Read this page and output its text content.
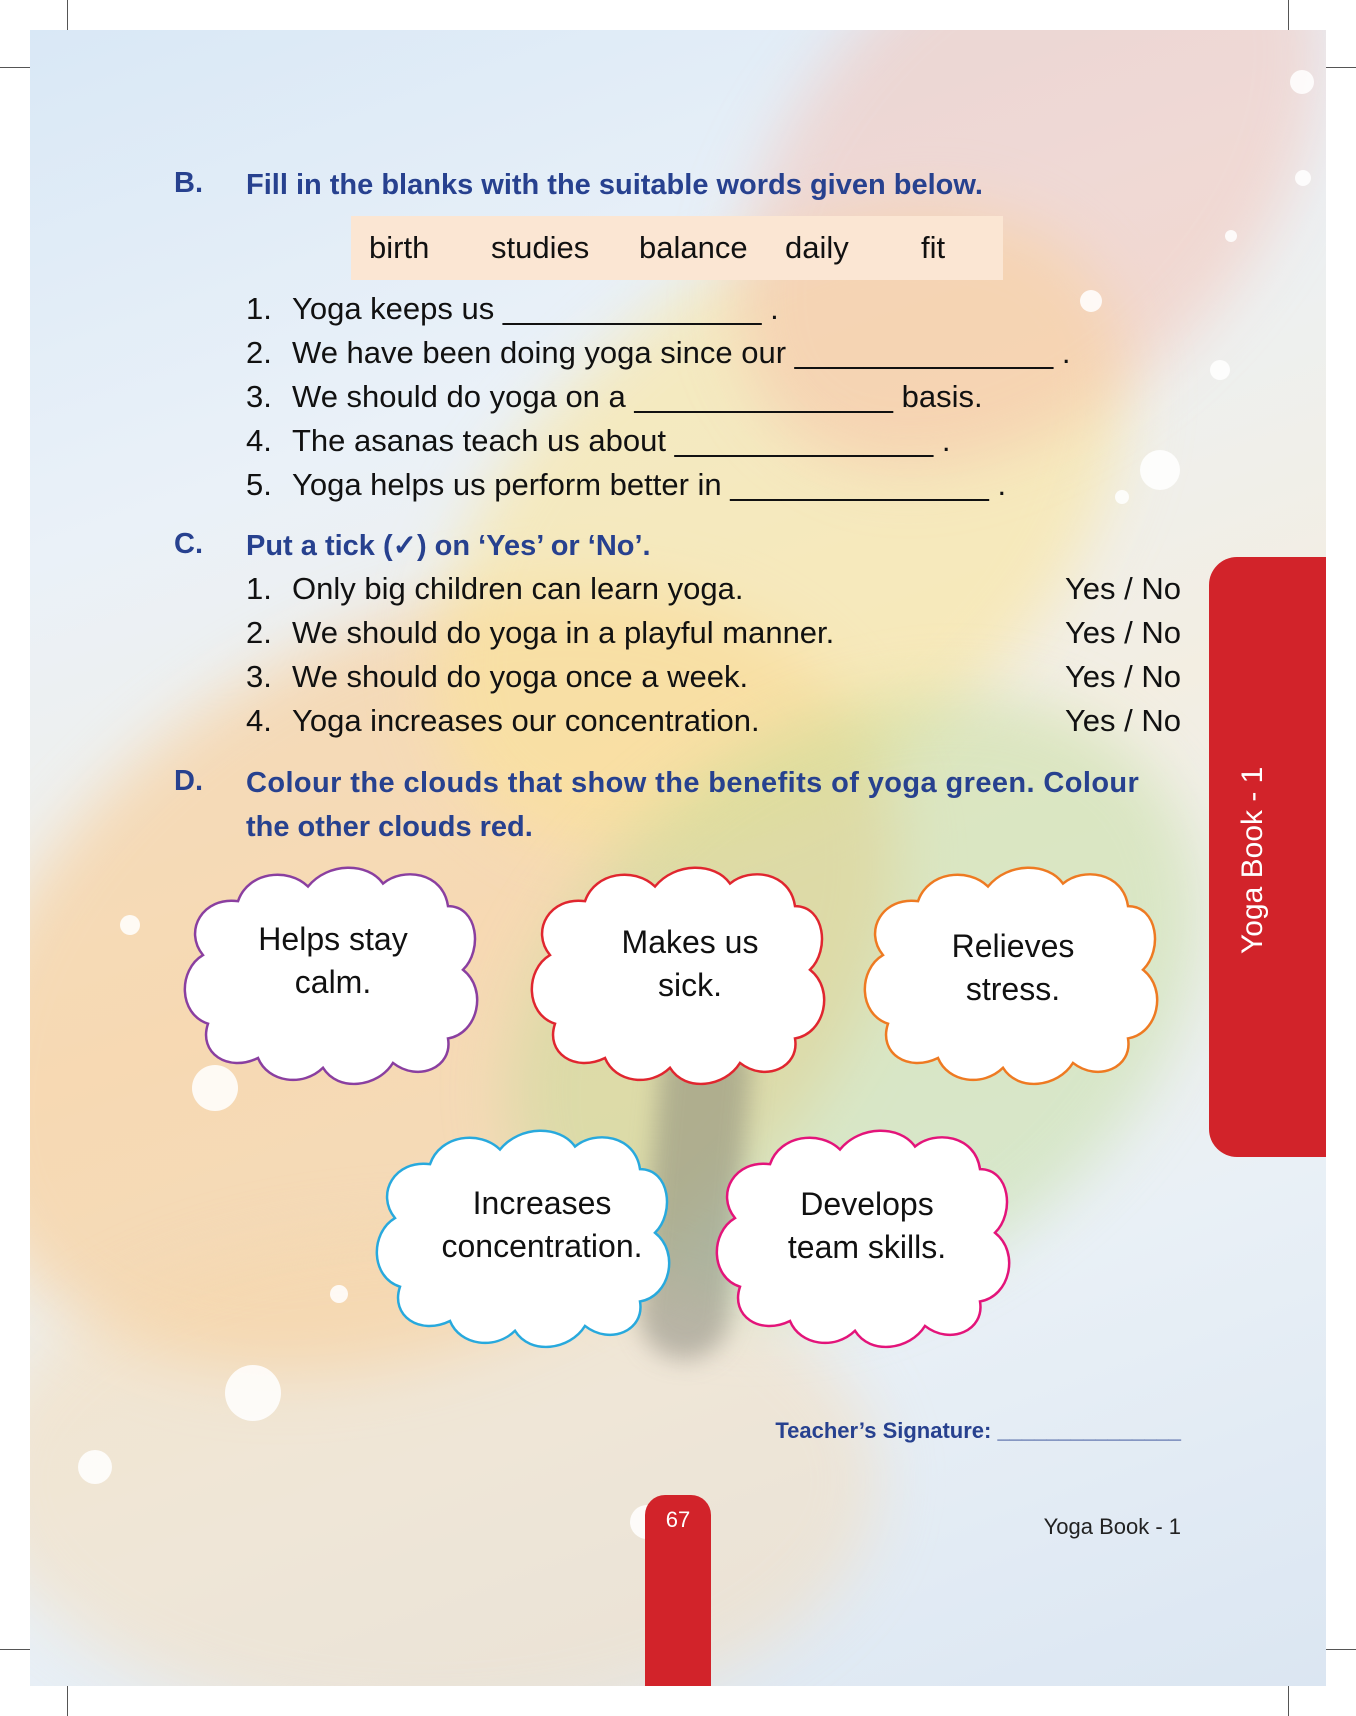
B. Fill in the blanks with the suitable words given below.
birth studies balance daily fit
1. Yoga keeps us _______________ .
2. We have been doing yoga since our _______________ .
3. We should do yoga on a _______________ basis.
4. The asanas teach us about _______________ .
5. Yoga helps us perform better in _______________ .
C. Put a tick (✓) on ‘Yes’ or ‘No’.
1. Only big children can learn yoga.	Yes / No
2. We should do yoga in a playful manner.	Yes / No
3. We should do yoga once a week.	Yes / No
4. Yoga increases our concentration.	Yes / No
D. Colour the clouds that show the benefits of yoga green. Colour
the other clouds red.
Helps stay
calm.
Makes us
sick.
Relieves
stress.
Increases
concentration.
Develops
team skills.
Teacher’s Signature: _______________
Yoga Book - 1
67	Yoga Book - 1
